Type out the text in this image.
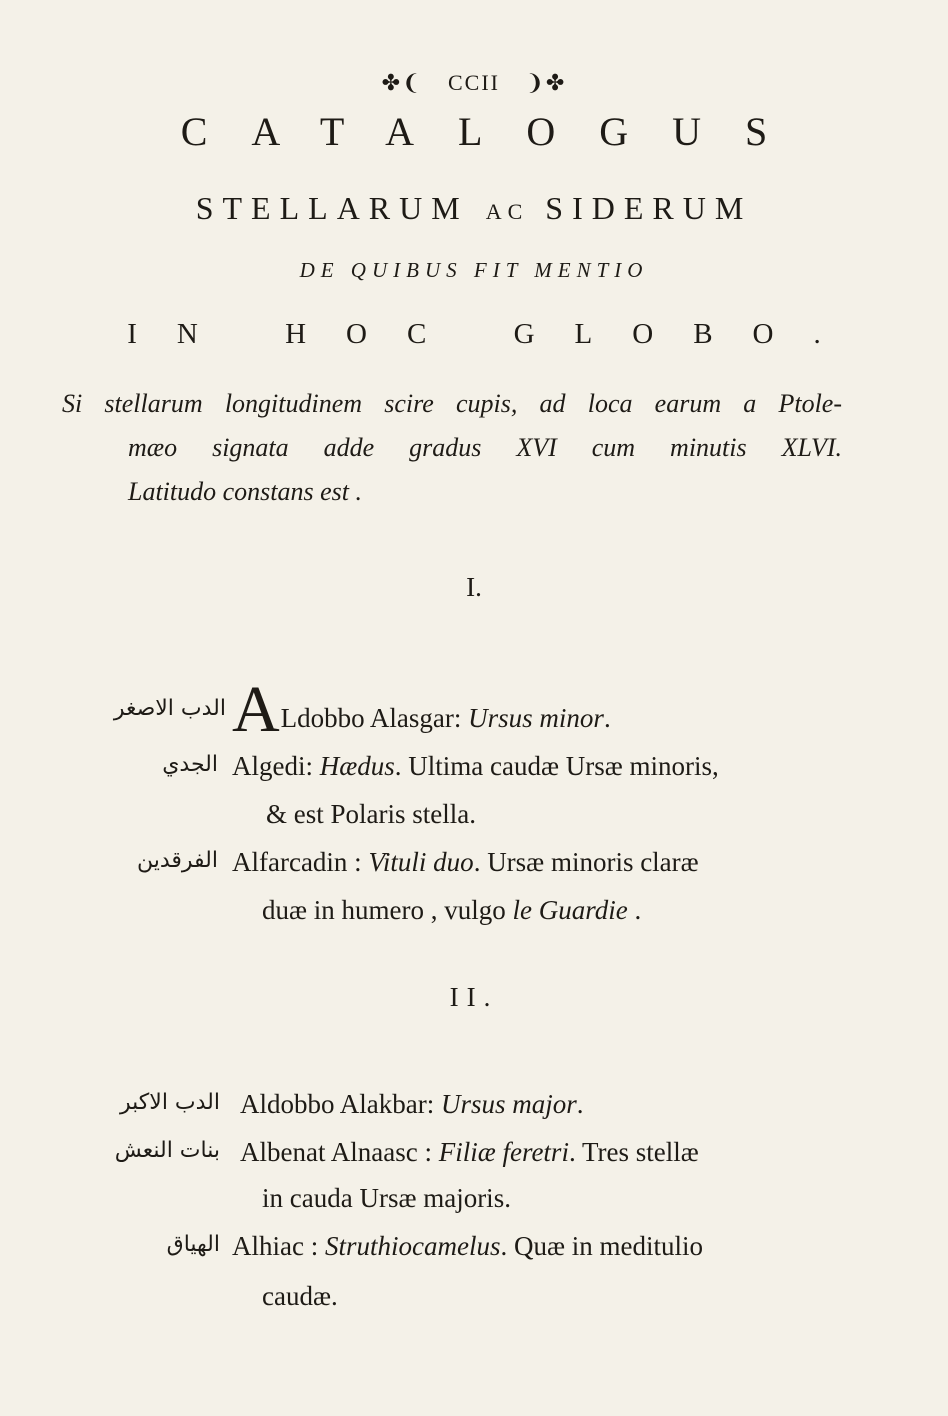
✤❨ CCII ❩✤
CATALOGUS
STELLARUM AC SIDERUM
DE QUIBUS FIT MENTIO
IN HOC GLOBO.
Si stellarum longitudinem scire cupis, ad loca earum a Ptole-
mæo signata adde gradus XVI cum minutis XLVI.
Latitudo constans est .
I.
الدب الاصغر ALdobbo Alasgar: Ursus minor.
الجدي Algedi: Hædus. Ultima caudæ Ursæ minoris,
& est Polaris stella.
الفرقدين Alfarcadin : Vituli duo. Ursæ minoris claræ
duæ in humero , vulgo le Guardie .
II.
الدب الاكبر Aldobbo Alakbar: Ursus major.
بنات النعش Albenat Alnaasc : Filiæ feretri. Tres stellæ
in cauda Ursæ majoris.
الهياق Alhiac : Struthiocamelus. Quæ in meditulio
caudæ.
